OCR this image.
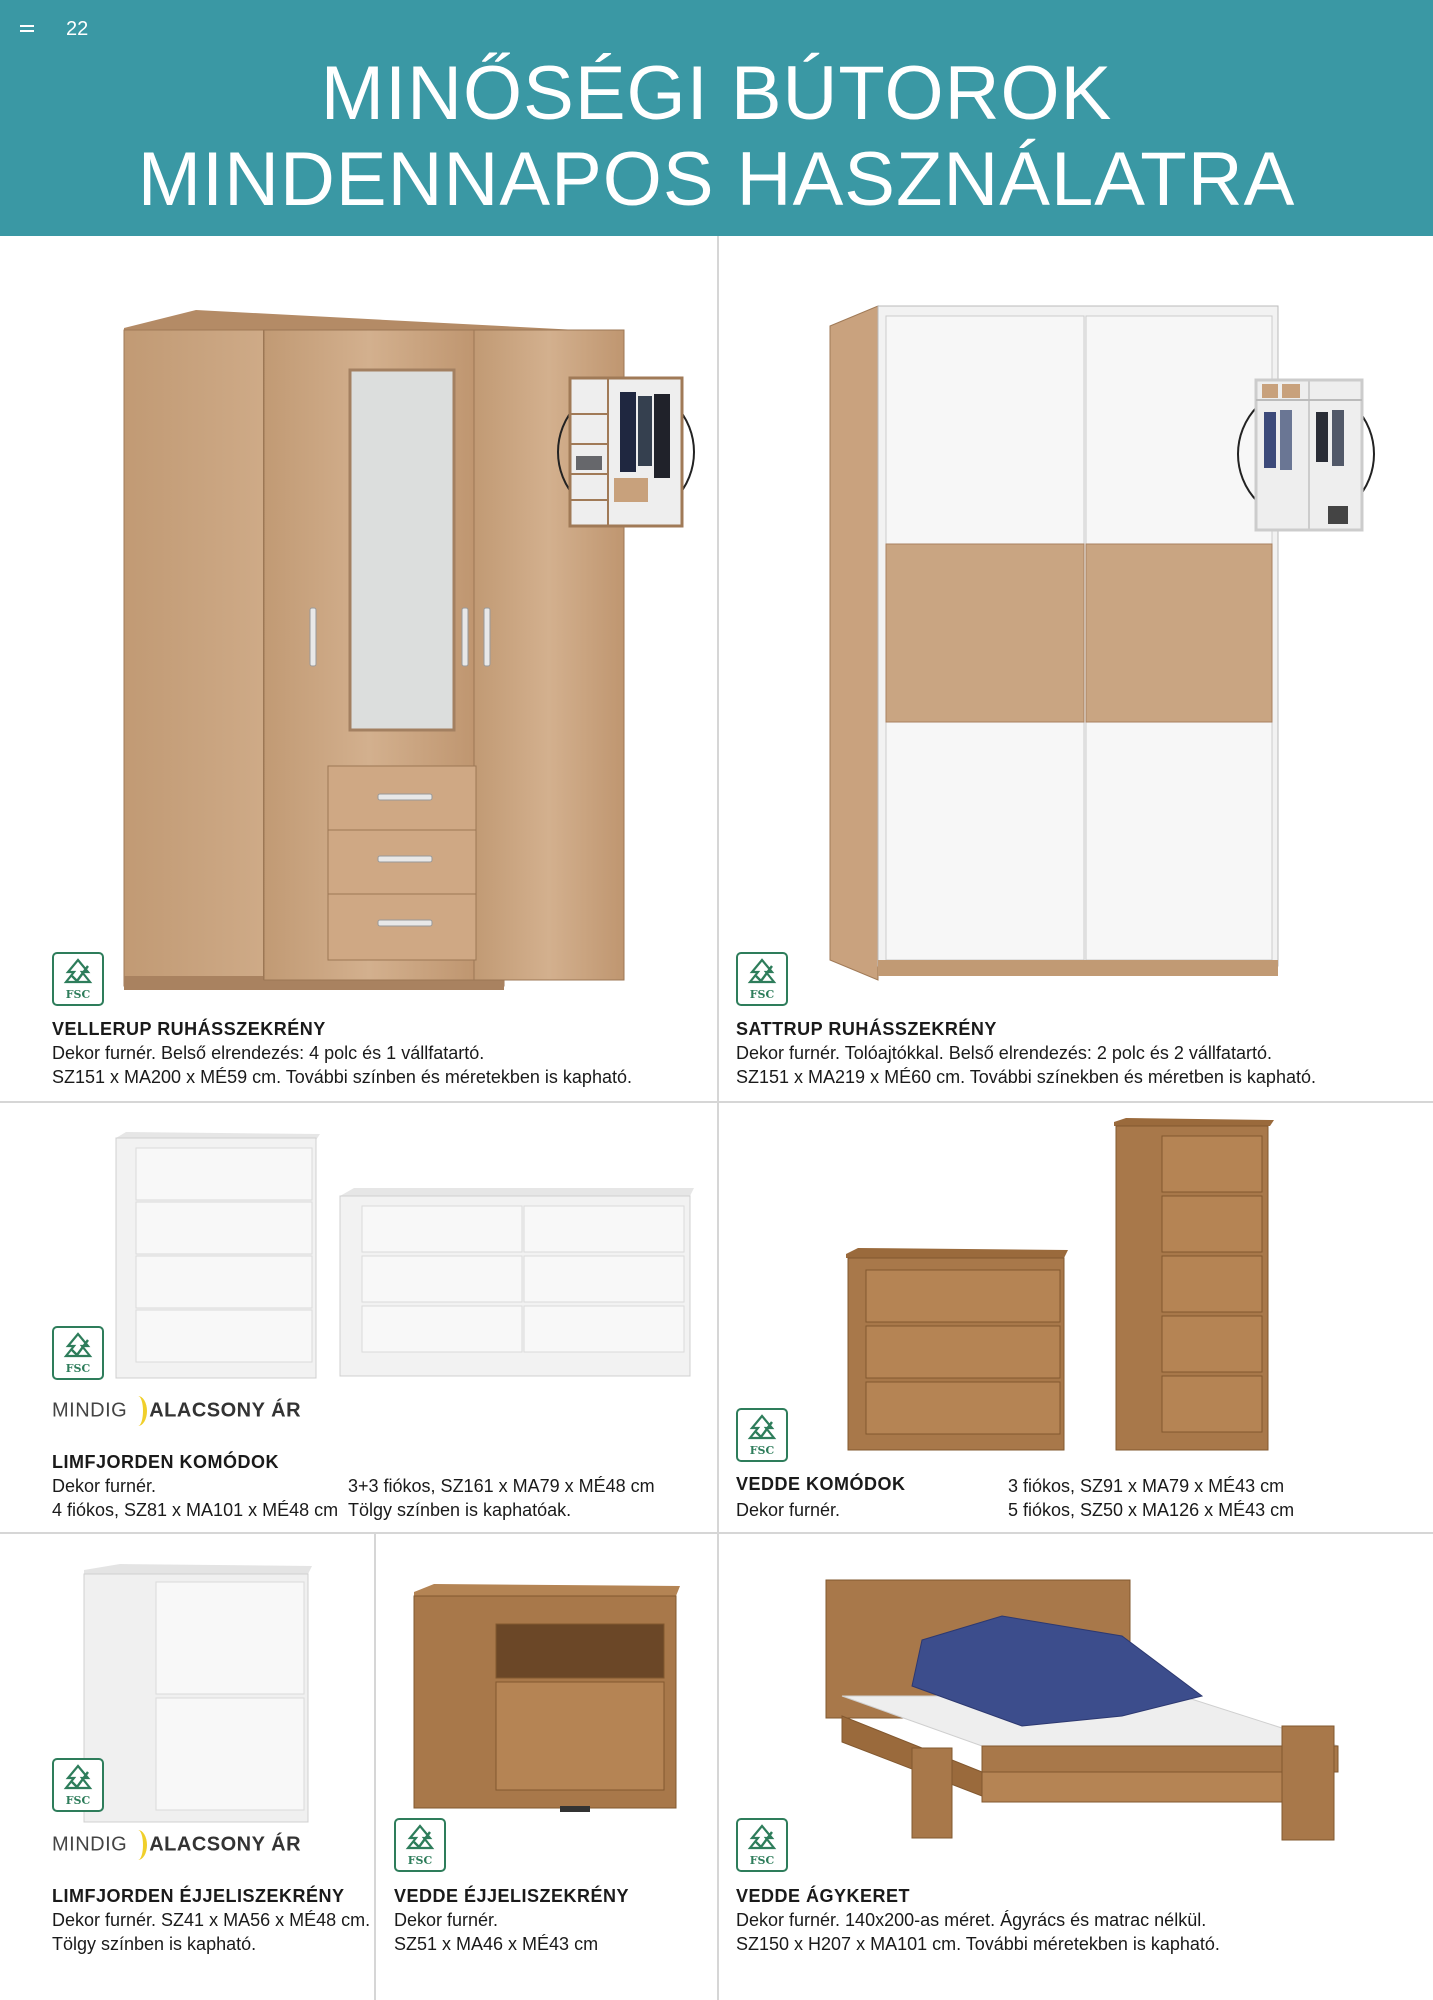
22
MINŐSÉGI BÚTOROK
MINDENNAPOS HASZNÁLATRA
FSC
VELLERUP RUHÁSSZEKRÉNY
Dekor furnér. Belső elrendezés: 4 polc és 1 vállfatartó.
SZ151 x MA200 x MÉ59 cm. További színben és méretekben is kapható.
FSC
SATTRUP RUHÁSSZEKRÉNY
Dekor furnér. Tolóajtókkal. Belső elrendezés: 2 polc és 2 vállfatartó.
SZ151 x MA219 x MÉ60 cm. További színekben és méretben is kapható.
FSC
MINDIG ALACSONY ÁR
LIMFJORDEN KOMÓDOK
Dekor furnér.
4 fiókos, SZ81 x MA101 x MÉ48 cm
3+3 fiókos, SZ161 x MA79 x MÉ48 cm
Tölgy színben is kaphatóak.
FSC
VEDDE KOMÓDOK
Dekor furnér.
3 fiókos, SZ91 x MA79 x MÉ43 cm
5 fiókos, SZ50 x MA126 x MÉ43 cm
FSC
MINDIG ALACSONY ÁR
LIMFJORDEN ÉJJELISZEKRÉNY
Dekor furnér. SZ41 x MA56 x MÉ48 cm.
Tölgy színben is kapható.
FSC
VEDDE ÉJJELISZEKRÉNY
Dekor furnér.
SZ51 x MA46 x MÉ43 cm
FSC
VEDDE ÁGYKERET
Dekor furnér. 140x200-as méret. Ágyrács és matrac nélkül.
SZ150 x H207 x MA101 cm. További méretekben is kapható.
